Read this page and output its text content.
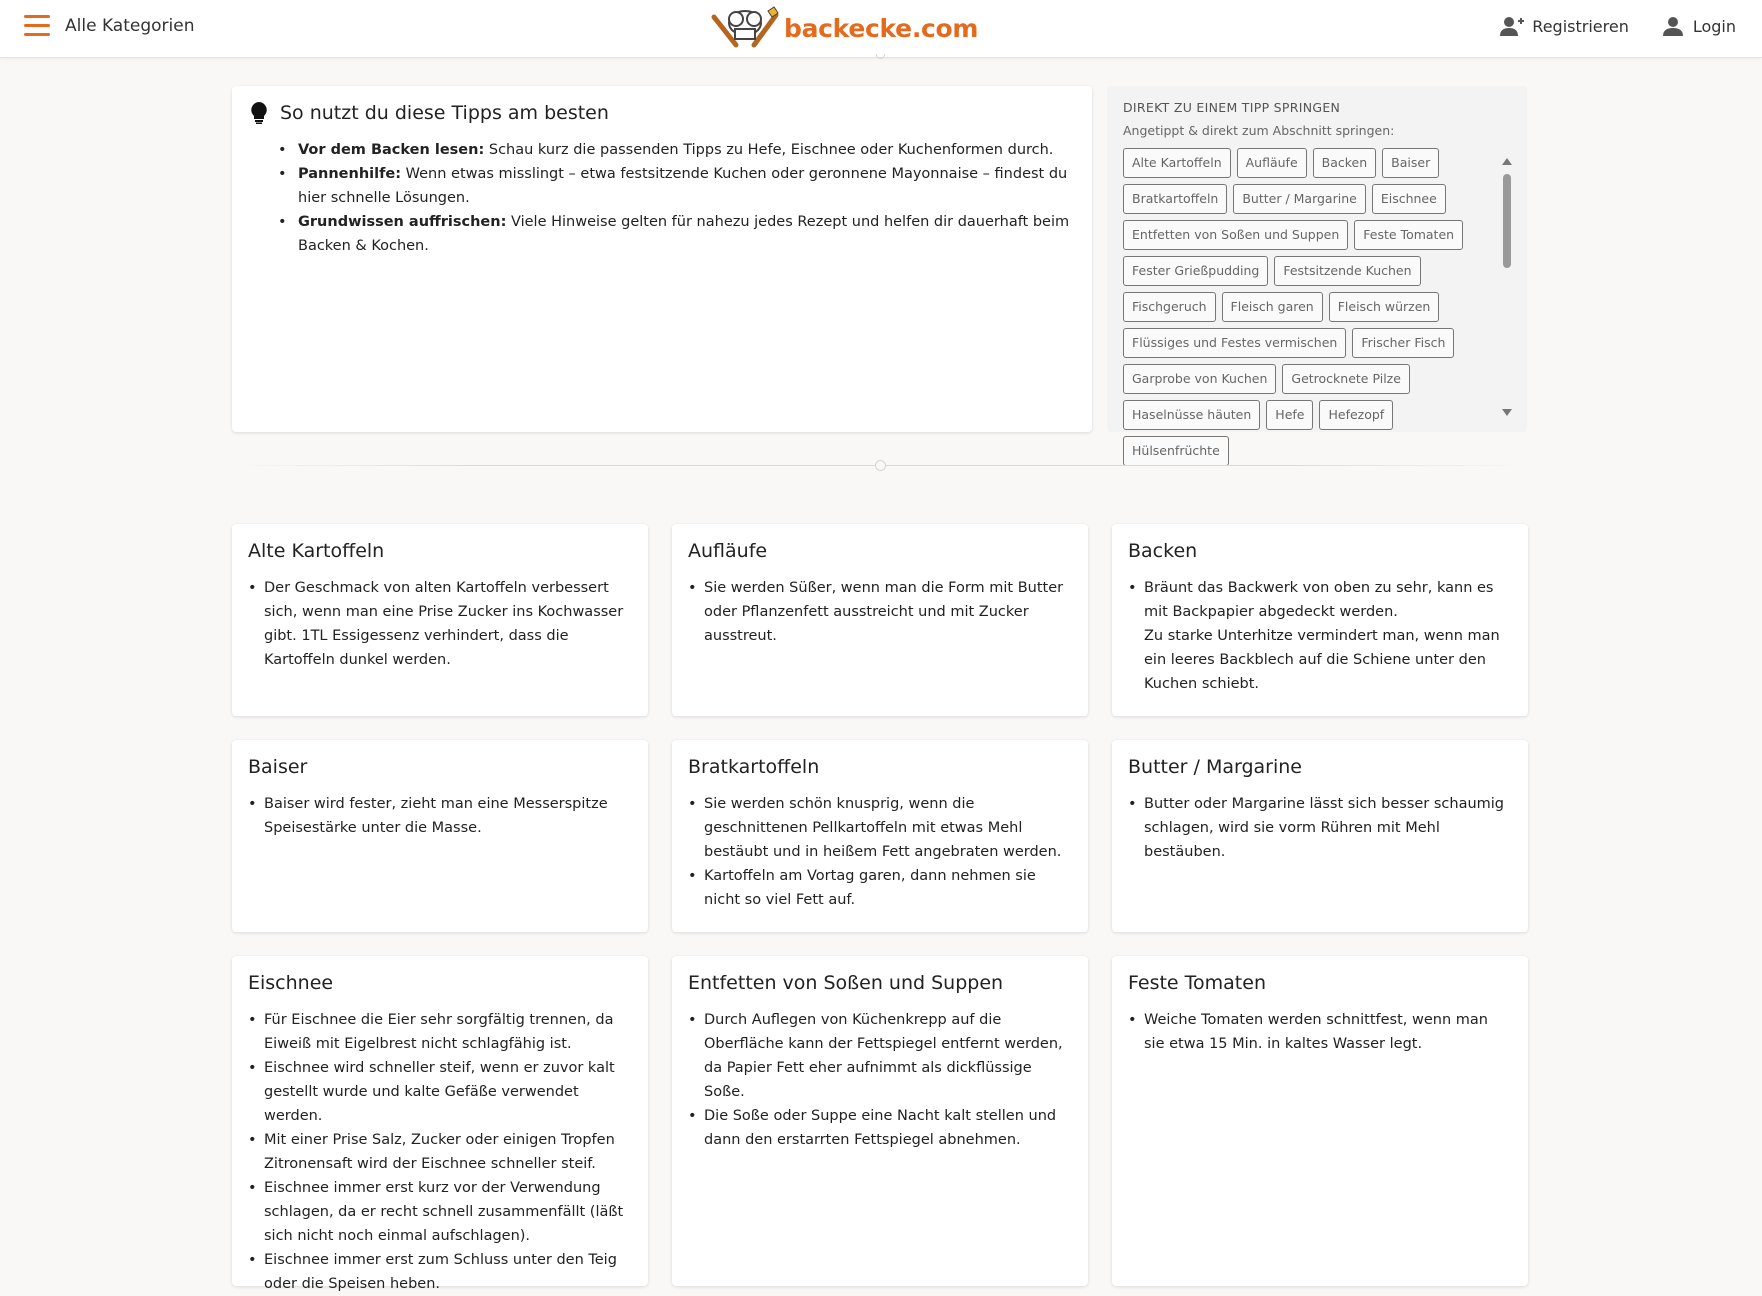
Alle Kategorien	backecke.com	Registrieren	Login
So nutzt du diese Tipps am besten
• Vor dem Backen lesen: Schau kurz die passenden Tipps zu Hefe, Eischnee oder Kuchenformen durch.
• Pannenhilfe: Wenn etwas misslingt – etwa festsitzende Kuchen oder geronnene Mayonnaise – findest du hier schnelle Lösungen.
• Grundwissen auffrischen: Viele Hinweise gelten für nahezu jedes Rezept und helfen dir dauerhaft beim Backen & Kochen.
DIREKT ZU EINEM TIPP SPRINGEN
Angetippt & direkt zum Abschnitt springen:
Alte Kartoffeln	Aufläufe	Backen	Baiser
Bratkartoffeln	Butter / Margarine	Eischnee
Entfetten von Soßen und Suppen	Feste Tomaten
Fester Grießpudding	Festsitzende Kuchen
Fischgeruch	Fleisch garen	Fleisch würzen
Flüssiges und Festes vermischen	Frischer Fisch
Garprobe von Kuchen	Getrocknete Pilze
Haselnüsse häuten	Hefe	Hefezopf
Hülsenfrüchte
Alte Kartoffeln
• Der Geschmack von alten Kartoffeln verbessert sich, wenn man eine Prise Zucker ins Kochwasser gibt. 1TL Essigessenz verhindert, dass die Kartoffeln dunkel werden.
Aufläufe
• Sie werden Süßer, wenn man die Form mit Butter oder Pflanzenfett ausstreicht und mit Zucker ausstreut.
Backen
• Bräunt das Backwerk von oben zu sehr, kann es mit Backpapier abgedeckt werden.
Zu starke Unterhitze vermindert man, wenn man ein leeres Backblech auf die Schiene unter den Kuchen schiebt.
Baiser
• Baiser wird fester, zieht man eine Messerspitze Speisestärke unter die Masse.
Bratkartoffeln
• Sie werden schön knusprig, wenn die geschnittenen Pellkartoffeln mit etwas Mehl bestäubt und in heißem Fett angebraten werden.
• Kartoffeln am Vortag garen, dann nehmen sie nicht so viel Fett auf.
Butter / Margarine
• Butter oder Margarine lässt sich besser schaumig schlagen, wird sie vorm Rühren mit Mehl bestäuben.
Eischnee
• Für Eischnee die Eier sehr sorgfältig trennen, da Eiweiß mit Eigelbrest nicht schlagfähig ist.
• Eischnee wird schneller steif, wenn er zuvor kalt gestellt wurde und kalte Gefäße verwendet werden.
• Mit einer Prise Salz, Zucker oder einigen Tropfen Zitronensaft wird der Eischnee schneller steif.
• Eischnee immer erst kurz vor der Verwendung schlagen, da er recht schnell zusammenfällt (läßt sich nicht noch einmal aufschlagen).
• Eischnee immer erst zum Schluss unter den Teig oder die Speisen heben.
Entfetten von Soßen und Suppen
• Durch Auflegen von Küchenkrepp auf die Oberfläche kann der Fettspiegel entfernt werden, da Papier Fett eher aufnimmt als dickflüssige Soße.
• Die Soße oder Suppe eine Nacht kalt stellen und dann den erstarrten Fettspiegel abnehmen.
Feste Tomaten
• Weiche Tomaten werden schnittfest, wenn man sie etwa 15 Min. in kaltes Wasser legt.
